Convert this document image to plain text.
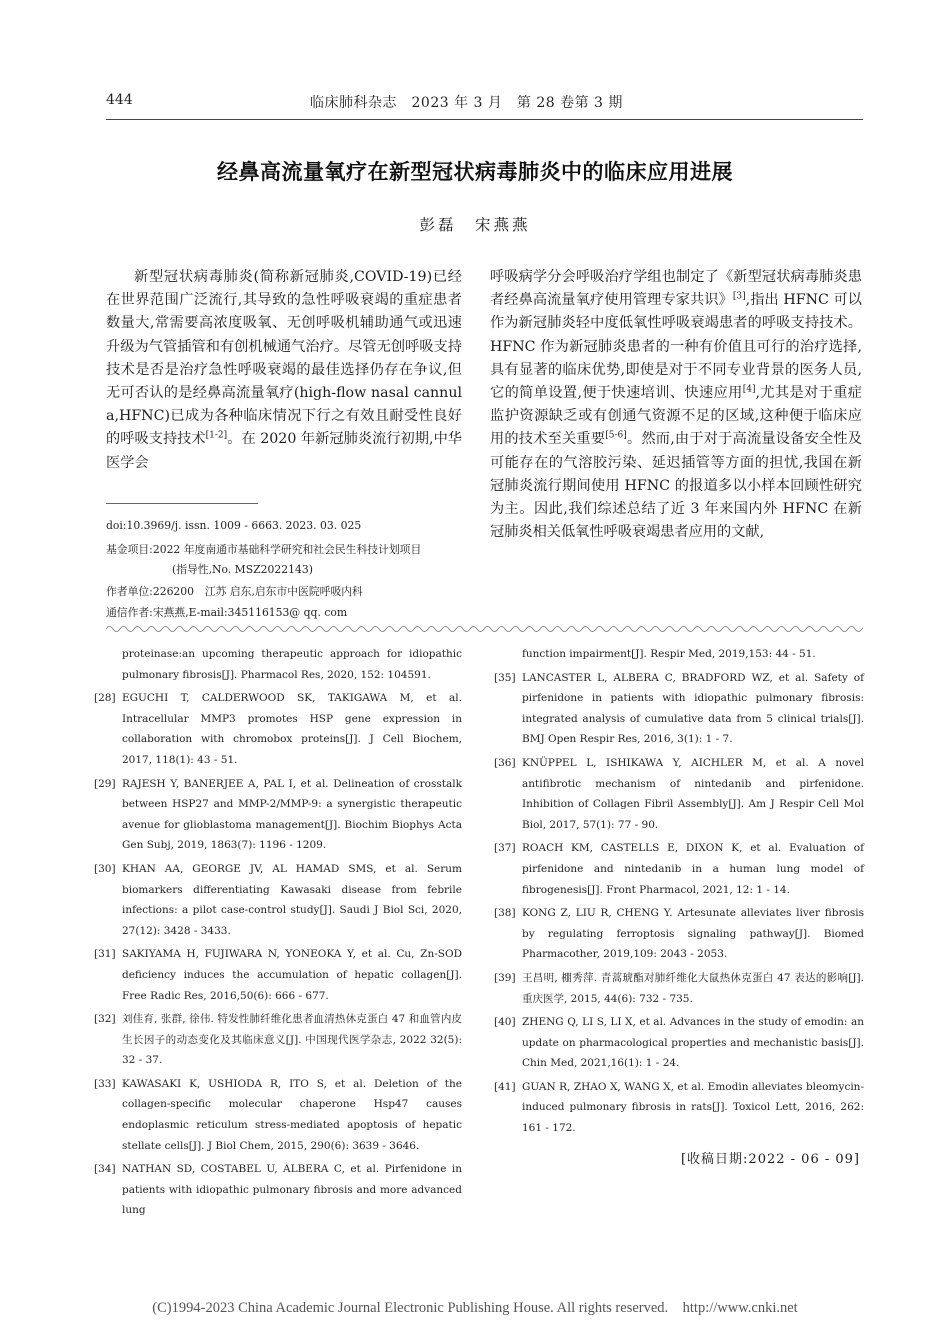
444	临床肺科杂志　2023 年 3 月　第 28 卷第 3 期
经鼻高流量氧疗在新型冠状病毒肺炎中的临床应用进展
彭磊　宋燕燕
新型冠状病毒肺炎(简称新冠肺炎,COVID-19)已经在世界范围广泛流行,其导致的急性呼吸衰竭的重症患者数量大,常需要高浓度吸氧、无创呼吸机辅助通气或迅速升级为气管插管和有创机械通气治疗。尽管无创呼吸支持技术是否是治疗急性呼吸衰竭的最佳选择仍存在争议,但无可否认的是经鼻高流量氧疗(high-flow nasal cannula,HFNC)已成为各种临床情况下行之有效且耐受性良好的呼吸支持技术[1-2]。在 2020 年新冠肺炎流行初期,中华医学会
呼吸病学分会呼吸治疗学组也制定了《新型冠状病毒肺炎患者经鼻高流量氧疗使用管理专家共识》[3],指出 HFNC 可以作为新冠肺炎轻中度低氧性呼吸衰竭患者的呼吸支持技术。HFNC 作为新冠肺炎患者的一种有价值且可行的治疗选择,具有显著的临床优势,即使是对于不同专业背景的医务人员,它的简单设置,便于快速培训、快速应用[4],尤其是对于重症监护资源缺乏或有创通气资源不足的区域,这种便于临床应用的技术至关重要[5-6]。然而,由于对于高流量设备安全性及可能存在的气溶胶污染、延迟插管等方面的担忧,我国在新冠肺炎流行期间使用 HFNC 的报道多以小样本回顾性研究为主。因此,我们综述总结了近 3 年来国内外 HFNC 在新冠肺炎相关低氧性呼吸衰竭患者应用的文献,
doi:10.3969/j. issn. 1009 - 6663. 2023. 03. 025
基金项目:2022 年度南通市基础科学研究和社会民生科技计划项目
(指导性,No. MSZ2022143)
作者单位:226200　江苏 启东,启东市中医院呼吸内科
通信作者:宋燕燕,E-mail:345116153@ qq. com
proteinase:an upcoming therapeutic approach for idiopathic pulmonary fibrosis[J]. Pharmacol Res, 2020, 152: 104591.
[28] EGUCHI T, CALDERWOOD SK, TAKIGAWA M, et al. Intracellular MMP3 promotes HSP gene expression in collaboration with chromobox proteins[J]. J Cell Biochem, 2017, 118(1): 43 - 51.
[29] RAJESH Y, BANERJEE A, PAL I, et al. Delineation of crosstalk between HSP27 and MMP-2/MMP-9: a synergistic therapeutic avenue for glioblastoma management[J]. Biochim Biophys Acta Gen Subj, 2019, 1863(7): 1196 - 1209.
[30] KHAN AA, GEORGE JV, AL HAMAD SMS, et al. Serum biomarkers differentiating Kawasaki disease from febrile infections: a pilot case-control study[J]. Saudi J Biol Sci, 2020, 27(12): 3428 - 3433.
[31] SAKIYAMA H, FUJIWARA N, YONEOKA Y, et al. Cu, Zn-SOD deficiency induces the accumulation of hepatic collagen[J]. Free Radic Res, 2016,50(6): 666 - 677.
[32] 刘佳育, 张群, 徐伟. 特发性肺纤维化患者血清热休克蛋白 47 和血管内皮生长因子的动态变化及其临床意义[J]. 中国现代医学杂志, 2022 32(5): 32 - 37.
[33] KAWASAKI K, USHIODA R, ITO S, et al. Deletion of the collagen-specific molecular chaperone Hsp47 causes endoplasmic reticulum stress-mediated apoptosis of hepatic stellate cells[J]. J Biol Chem, 2015, 290(6): 3639 - 3646.
[34] NATHAN SD, COSTABEL U, ALBERA C, et al. Pirfenidone in patients with idiopathic pulmonary fibrosis and more advanced lung
function impairment[J]. Respir Med, 2019,153: 44 - 51.
[35] LANCASTER L, ALBERA C, BRADFORD WZ, et al. Safety of pirfenidone in patients with idiopathic pulmonary fibrosis: integrated analysis of cumulative data from 5 clinical trials[J]. BMJ Open Respir Res, 2016, 3(1): 1 - 7.
[36] KNÜPPEL L, ISHIKAWA Y, AICHLER M, et al. A novel antifibrotic mechanism of nintedanib and pirfenidone. Inhibition of Collagen Fibril Assembly[J]. Am J Respir Cell Mol Biol, 2017, 57(1): 77 - 90.
[37] ROACH KM, CASTELLS E, DIXON K, et al. Evaluation of pirfenidone and nintedanib in a human lung model of fibrogenesis[J]. Front Pharmacol, 2021, 12: 1 - 14.
[38] KONG Z, LIU R, CHENG Y. Artesunate alleviates liver fibrosis by regulating ferroptosis signaling pathway[J]. Biomed Pharmacother, 2019,109: 2043 - 2053.
[39] 王昌明, 棚秀萍. 青蒿琥酯对肺纤维化大鼠热休克蛋白 47 表达的影响[J]. 重庆医学, 2015, 44(6): 732 - 735.
[40] ZHENG Q, LI S, LI X, et al. Advances in the study of emodin: an update on pharmacological properties and mechanistic basis[J]. Chin Med, 2021,16(1): 1 - 24.
[41] GUAN R, ZHAO X, WANG X, et al. Emodin alleviates bleomycin-induced pulmonary fibrosis in rats[J]. Toxicol Lett, 2016, 262: 161 - 172.
[收稿日期:2022 - 06 - 09]
(C)1994-2023 China Academic Journal Electronic Publishing House. All rights reserved.　http://www.cnki.net
